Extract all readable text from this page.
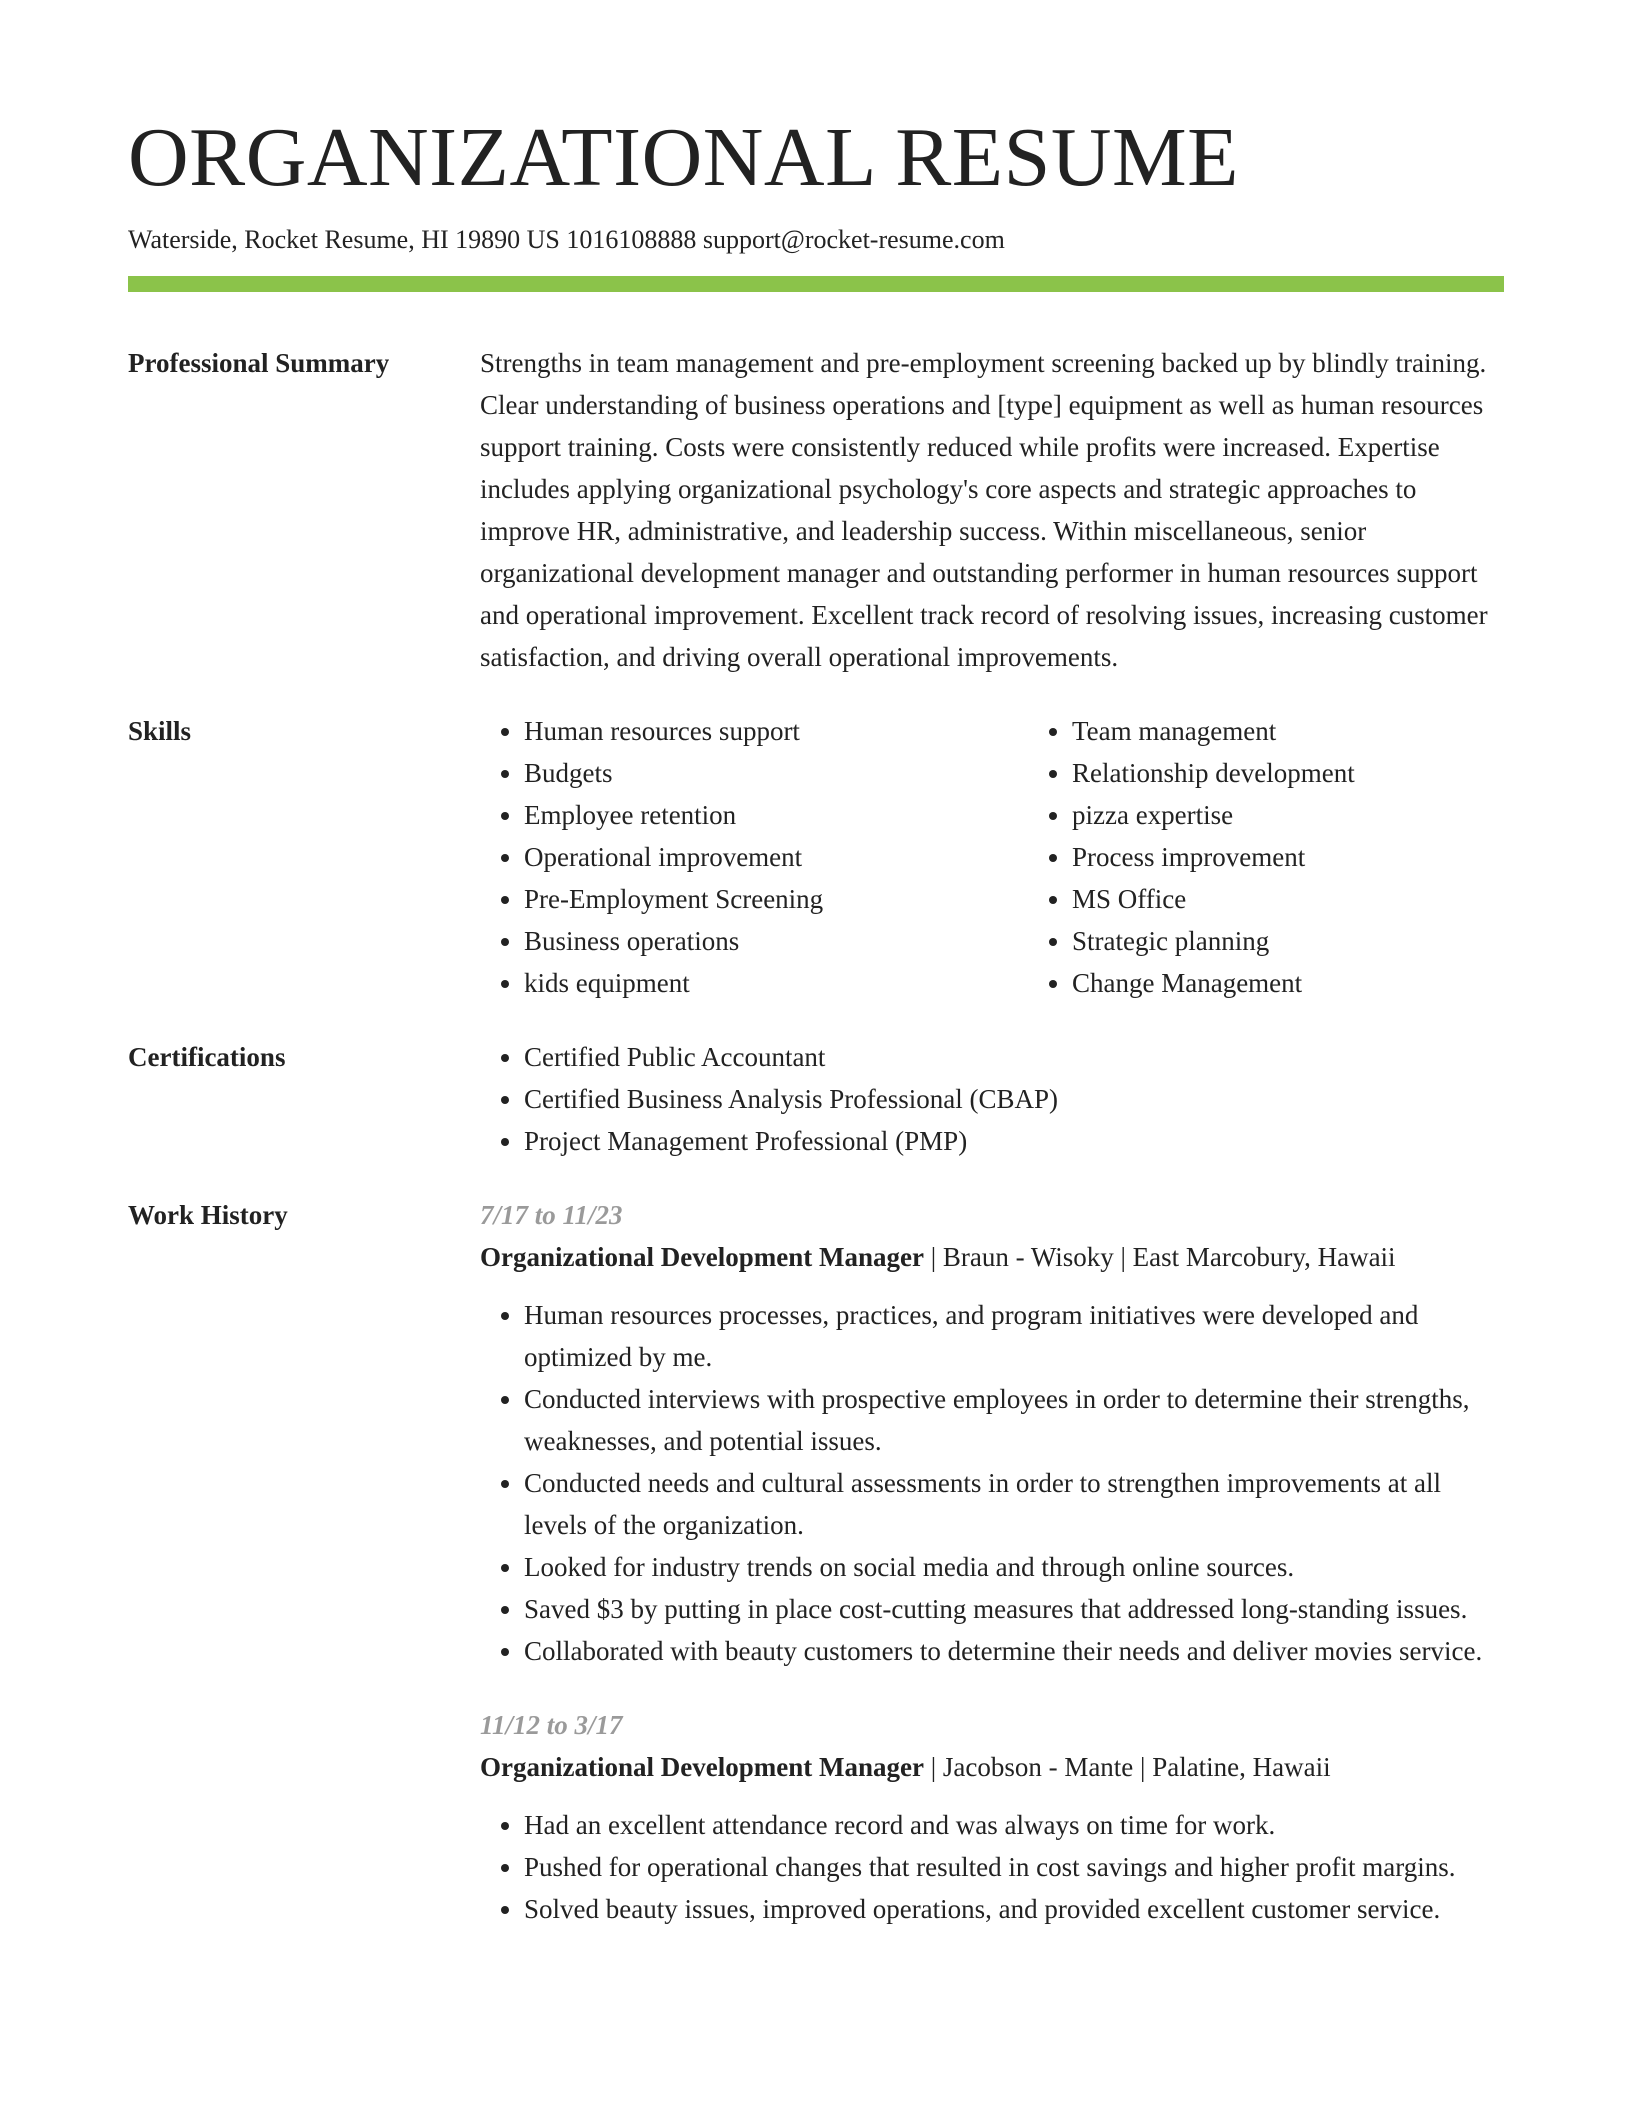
ORGANIZATIONAL RESUME
Waterside, Rocket Resume, HI 19890 US 1016108888 support@rocket-resume.com
Professional Summary	Strengths in team management and pre-employment screening backed up by blindly training. Clear understanding of business operations and [type] equipment as well as human resources support training. Costs were consistently reduced while profits were increased. Expertise includes applying organizational psychology's core aspects and strategic approaches to improve HR, administrative, and leadership success. Within miscellaneous, senior organizational development manager and outstanding performer in human resources support and operational improvement. Excellent track record of resolving issues, increasing customer satisfaction, and driving overall operational improvements.
Skills	• Human resources support
• Budgets
• Employee retention
• Operational improvement
• Pre-Employment Screening
• Business operations
• kids equipment
• Team management
• Relationship development
• pizza expertise
• Process improvement
• MS Office
• Strategic planning
• Change Management
Certifications	• Certified Public Accountant
• Certified Business Analysis Professional (CBAP)
• Project Management Professional (PMP)
Work History	7/17 to 11/23
Organizational Development Manager | Braun - Wisoky | East Marcobury, Hawaii
• Human resources processes, practices, and program initiatives were developed and optimized by me.
• Conducted interviews with prospective employees in order to determine their strengths, weaknesses, and potential issues.
• Conducted needs and cultural assessments in order to strengthen improvements at all levels of the organization.
• Looked for industry trends on social media and through online sources.
• Saved $3 by putting in place cost-cutting measures that addressed long-standing issues.
• Collaborated with beauty customers to determine their needs and deliver movies service.
11/12 to 3/17
Organizational Development Manager | Jacobson - Mante | Palatine, Hawaii
• Had an excellent attendance record and was always on time for work.
• Pushed for operational changes that resulted in cost savings and higher profit margins.
• Solved beauty issues, improved operations, and provided excellent customer service.
